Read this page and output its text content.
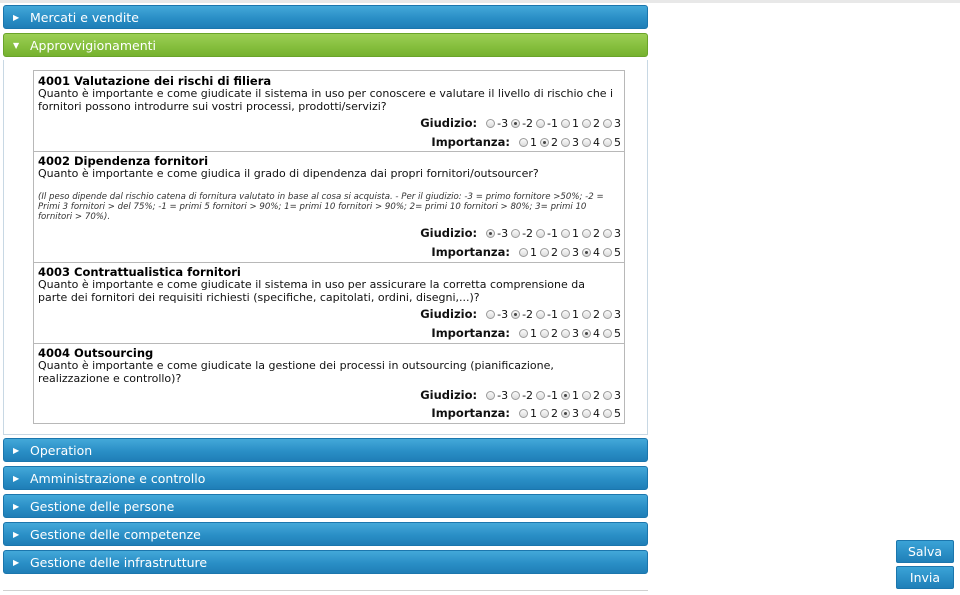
▶ Mercati e vendite
▼ Approvvigionamenti
4001 Valutazione dei rischi di filiera
Quanto è importante e come giudicate il sistema in uso per conoscere e valutare il livello di rischio che i fornitori possono introdurre sui vostri processi, prodotti/servizi?
Giudizio: -3 -2 -1 1 2 3
Importanza: 1 2 3 4 5
4002 Dipendenza fornitori
Quanto è importante e come giudica il grado di dipendenza dai propri fornitori/outsourcer?
(Il peso dipende dal rischio catena di fornitura valutato in base al cosa si acquista. - Per il giudizio: -3 = primo fornitore >50%; -2 = Primi 3 fornitori > del 75%; -1 = primi 5 fornitori > 90%; 1= primi 10 fornitori > 90%; 2= primi 10 fornitori > 80%; 3= primi 10 fornitori > 70%).
Giudizio: -3 -2 -1 1 2 3
Importanza: 1 2 3 4 5
4003 Contrattualistica fornitori
Quanto è importante e come giudicate il sistema in uso per assicurare la corretta comprensione da parte dei fornitori dei requisiti richiesti (specifiche, capitolati, ordini, disegni,...)?
Giudizio: -3 -2 -1 1 2 3
Importanza: 1 2 3 4 5
4004 Outsourcing
Quanto è importante e come giudicate la gestione dei processi in outsourcing (pianificazione, realizzazione e controllo)?
Giudizio: -3 -2 -1 1 2 3
Importanza: 1 2 3 4 5
▶ Operation
▶ Amministrazione e controllo
▶ Gestione delle persone
▶ Gestione delle competenze
▶ Gestione delle infrastrutture
Salva
Invia
